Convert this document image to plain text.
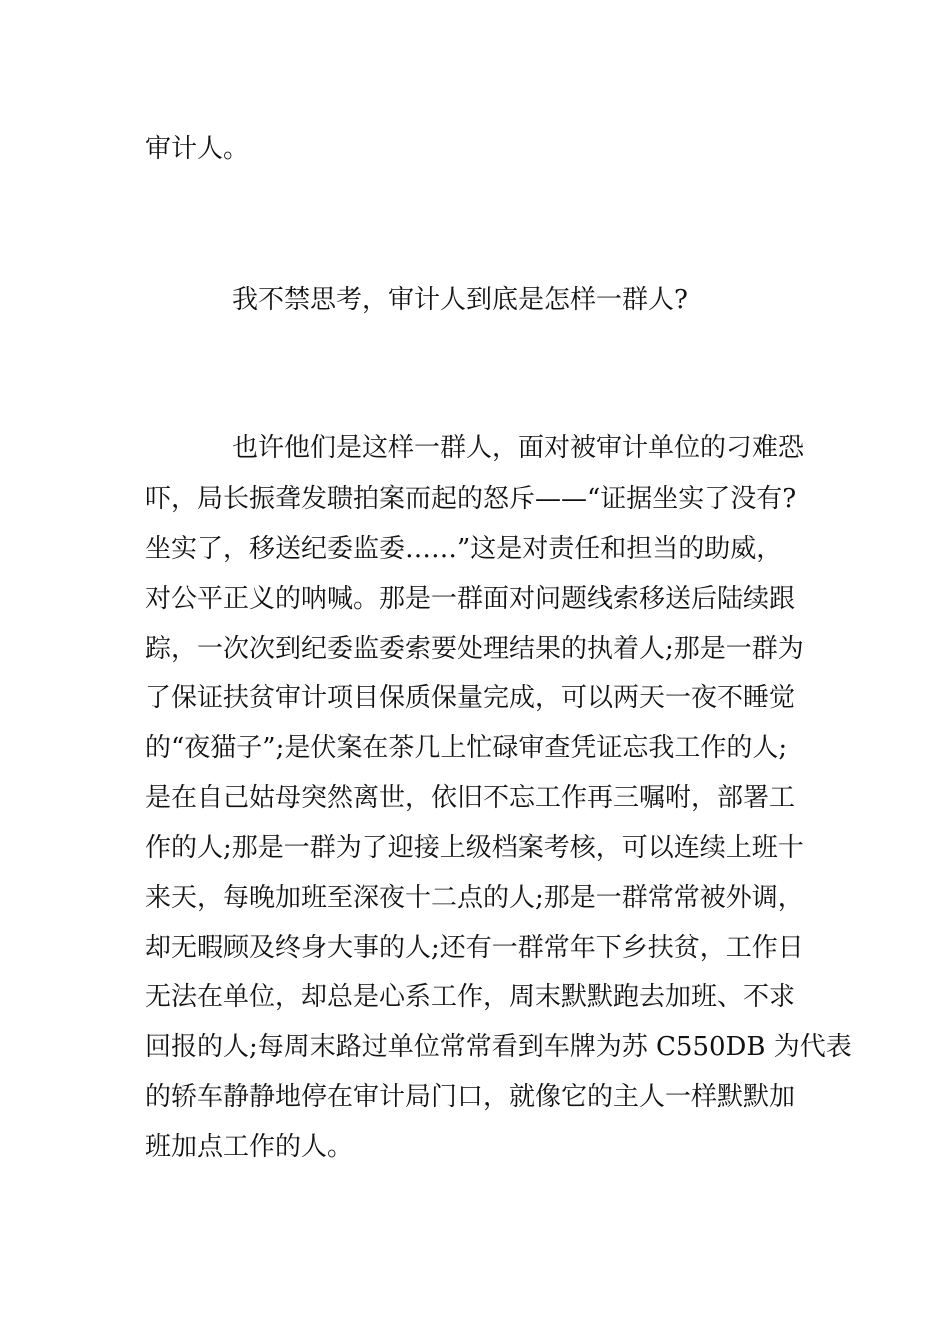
审计人。

我不禁思考，审计人到底是怎样一群人?

也许他们是这样一群人，面对被审计单位的刁难恐

吓，局长振聋发聩拍案而起的怒斥——“证据坐实了没有?

坐实了，移送纪委监委……”这是对责任和担当的助威，

对公平正义的呐喊。那是一群面对问题线索移送后陆续跟

踪，一次次到纪委监委索要处理结果的执着人;那是一群为

了保证扶贫审计项目保质保量完成，可以两天一夜不睡觉

的“夜猫子”;是伏案在茶几上忙碌审查凭证忘我工作的人;

是在自己姑母突然离世，依旧不忘工作再三嘱咐，部署工

作的人;那是一群为了迎接上级档案考核，可以连续上班十

来天，每晚加班至深夜十二点的人;那是一群常常被外调，

却无暇顾及终身大事的人;还有一群常年下乡扶贫，工作日

无法在单位，却总是心系工作，周末默默跑去加班、不求

回报的人;每周末路过单位常常看到车牌为苏 C550DB 为代表

的轿车静静地停在审计局门口，就像它的主人一样默默加

班加点工作的人。
